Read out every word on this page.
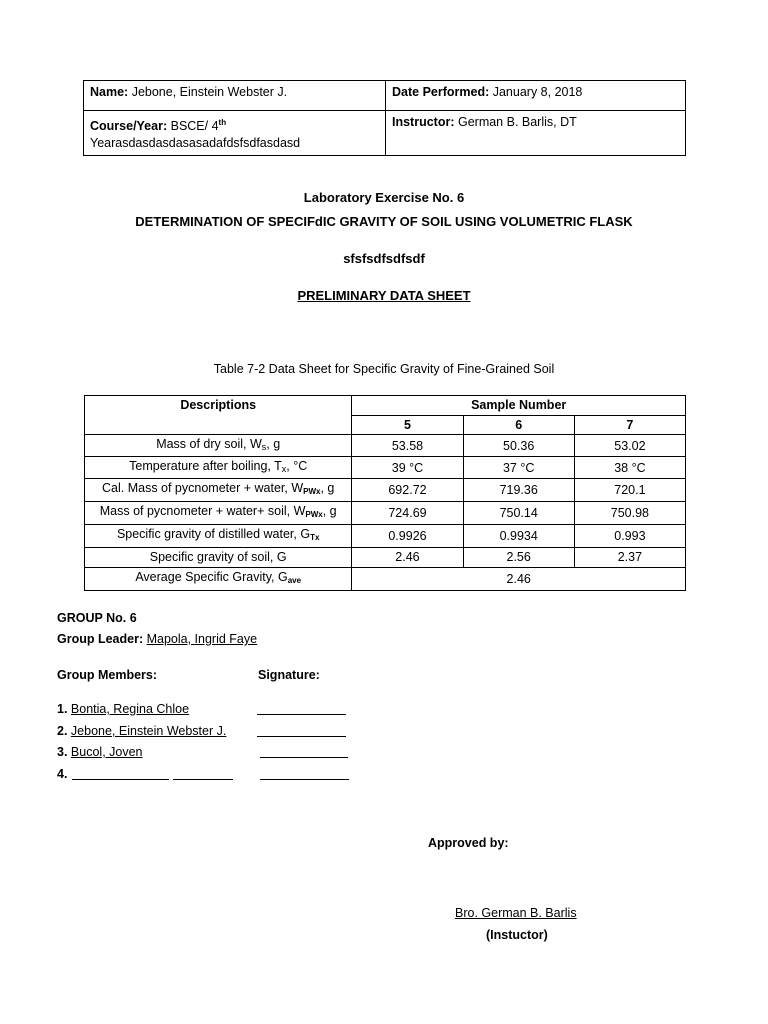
Name: Jebone, Einstein Webster J.	Date Performed: January 8, 2018
Course/Year: BSCE/ 4th
Yearasdasdasdasasadafdsfsdfasdasd	Instructor: German B. Barlis, DT
Laboratory Exercise No. 6
DETERMINATION OF SPECIFdIC GRAVITY OF SOIL USING VOLUMETRIC FLASK
sfsfsdfsdfsdf
PRELIMINARY DATA SHEET
Table 7-2 Data Sheet for Specific Gravity of Fine-Grained Soil
Descriptions	Sample Number		
	5	6	7
Mass of dry soil, Ws, g	53.58	50.36	53.02
Temperature after boiling, Tx, °C	39 °C	37 °C	38 °C
Cal. Mass of pycnometer + water, $W_{PWx}$, g	692.72	719.36	720.1
Mass of pycnometer + water+ soil, $W_{PWx}$, g	724.69	750.14	750.98
Specific gravity of distilled water, $G_{Tx}$	0.9926	0.9934	0.993
Specific gravity of soil, G	2.46	2.56	2.37
Average Specific Gravity, $G_{ave}$	2.46		
GROUP No. 6
Group Leader: Mapola, Ingrid Faye
Group Members:	Signature:
1. Bontia, Regina Chloe
2. Jebone, Einstein Webster J.
3. Bucol, Joven
4.
Approved by:
Bro. German B. Barlis
(Instuctor)
